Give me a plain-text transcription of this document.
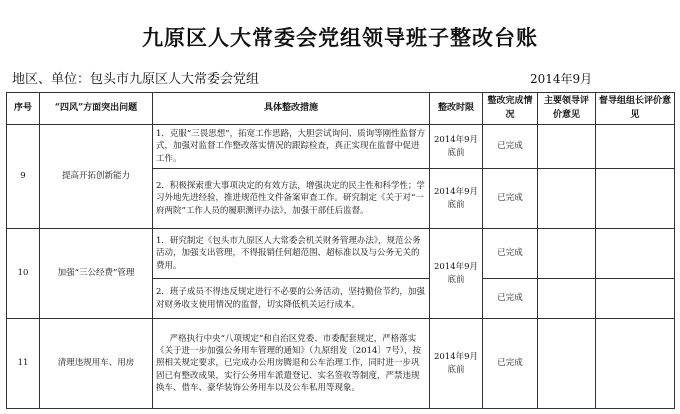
九原区人大常委会党组领导班子整改台账
地区、单位：包头市九原区人大常委会党组	2014年9月
序号	“四风”方面突出问题	具体整改措施	整改时限	整改完成情况	主要领导评价意见	督导组组长评价意见
9	提高开拓创新能力	1．克服“三畏思想”，拓宽工作思路，大胆尝试询问、质询等刚性监督方式，加强对监督工作整改落实情况的跟踪检查，真正实现在监督中促进工作。	2014年9月底前	已完成		
		2．积极探索重大事项决定的有效方法，增强决定的民主性和科学性；学习外地先进经验，推进规范性文件备案审查工作。研究制定《关于对“一府两院”工作人员的履职测评办法》，加强干部任后监督。	2014年9月底前	已完成		
10	加强“三公经费”管理	1．研究制定《包头市九原区人大常委会机关财务管理办法》，规范公务活动，加强支出管理，不得报销任何超范围、超标准以及与公务无关的费用。	2014年9月底前	已完成		
		2．班子成员不得违反规定进行不必要的公务活动，坚持勤俭节约，加强对财务收支使用情况的监督，切实降低机关运行成本。		已完成		
11	清理违规用车、用房	严格执行中央“八项规定”和自治区党委、市委配套规定，严格落实《关于进一步加强公务用车管理的通知》（九原组发〔2014〕7号），按照相关规定要求，已完成办公用房腾退和公车治理工作，同时进一步巩固已有整改成果，实行公务用车派遣登记、实名签收等制度，严禁违规换车、借车、豪华装饰公务用车以及公车私用等现象。	2014年9月底前	已完成		
